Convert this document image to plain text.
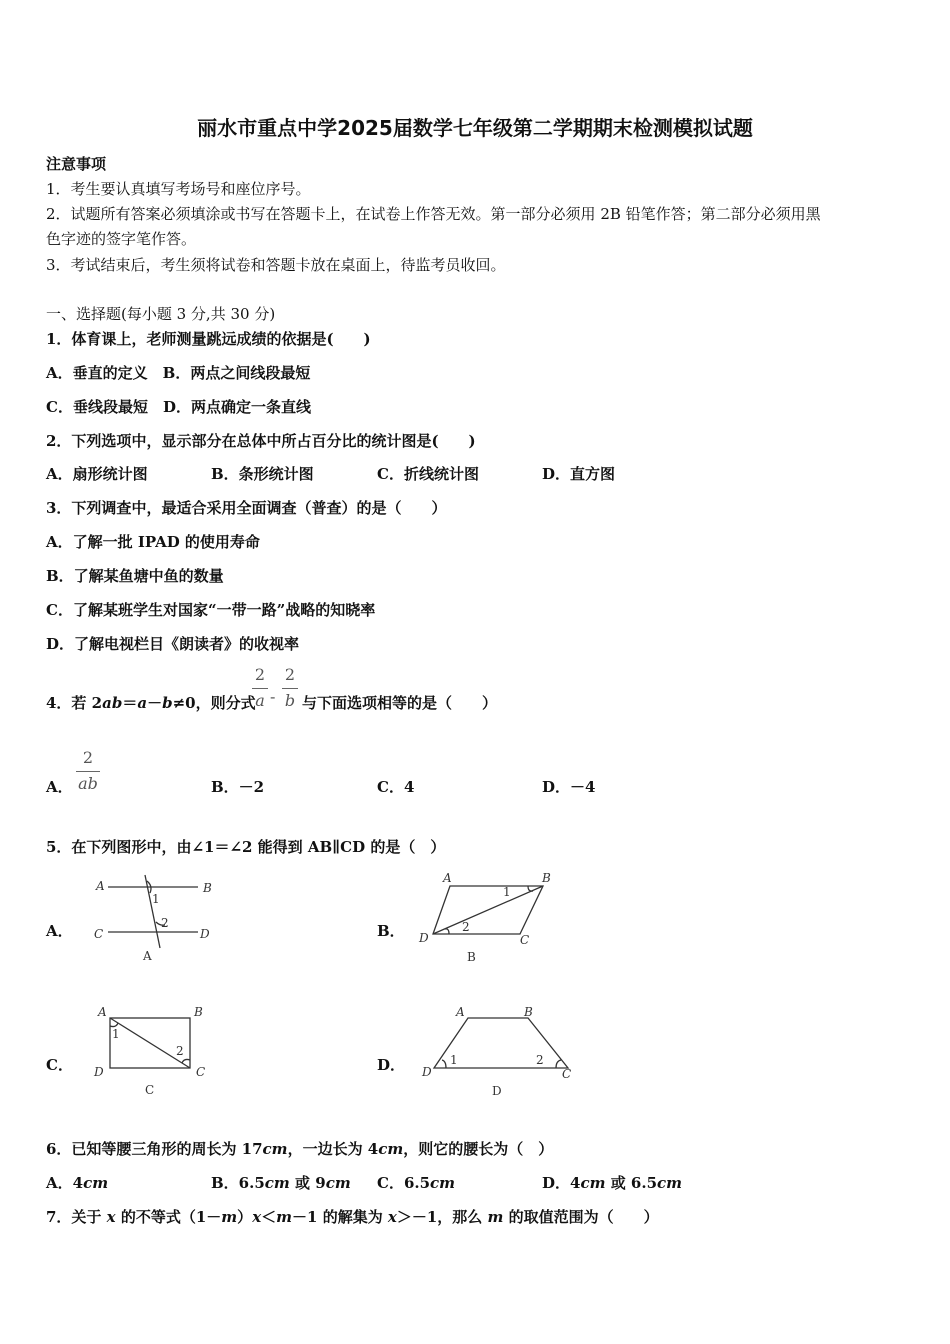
丽水市重点中学2025届数学七年级第二学期期末检测模拟试题
注意事项
1．考生要认真填写考场号和座位序号。
2．试题所有答案必须填涂或书写在答题卡上，在试卷上作答无效。第一部分必须用 2B 铅笔作答；第二部分必须用黑
色字迹的签字笔作答。
3．考试结束后，考生须将试卷和答题卡放在桌面上，待监考员收回。
一、选择题(每小题 3 分,共 30 分)
1．体育课上，老师测量跳远成绩的依据是(　　)
A．垂直的定义　B．两点之间线段最短
C．垂线段最短　D．两点确定一条直线
2．下列选项中，显示部分在总体中所占百分比的统计图是(　　)
A．扇形统计图	B．条形统计图	C．折线统计图	D．直方图
3．下列调查中，最适合采用全面调查（普查）的是（　　）
A．了解一批 IPAD 的使用寿命
B．了解某鱼塘中鱼的数量
C．了解某班学生对国家“一带一路”战略的知晓率
D．了解电视栏目《朗读者》的收视率
4．若 2ab＝a－b≠0，则分式
2
a -
2
b 与下面选项相等的是（　　）
A．
2
ab	B．－2	C．4	D．－4
5．在下列图形中，由∠1＝∠2 能得到 AB∥CD 的是（　）
A．
A	B
C	D
1
2
A
B．
A	B
C
D
1
2
B
C．
A	B
C
D
1
2
C
D．
A	B
C
D
1	2
D
6．已知等腰三角形的周长为 17cm，一边长为 4cm，则它的腰长为（　）
A．4cm	B．6.5cm 或 9cm C．6.5cm	D．4cm 或 6.5cm
7．关于 x 的不等式（1－m）x＜m－1 的解集为 x＞－1，那么 m 的取值范围为（　　）
